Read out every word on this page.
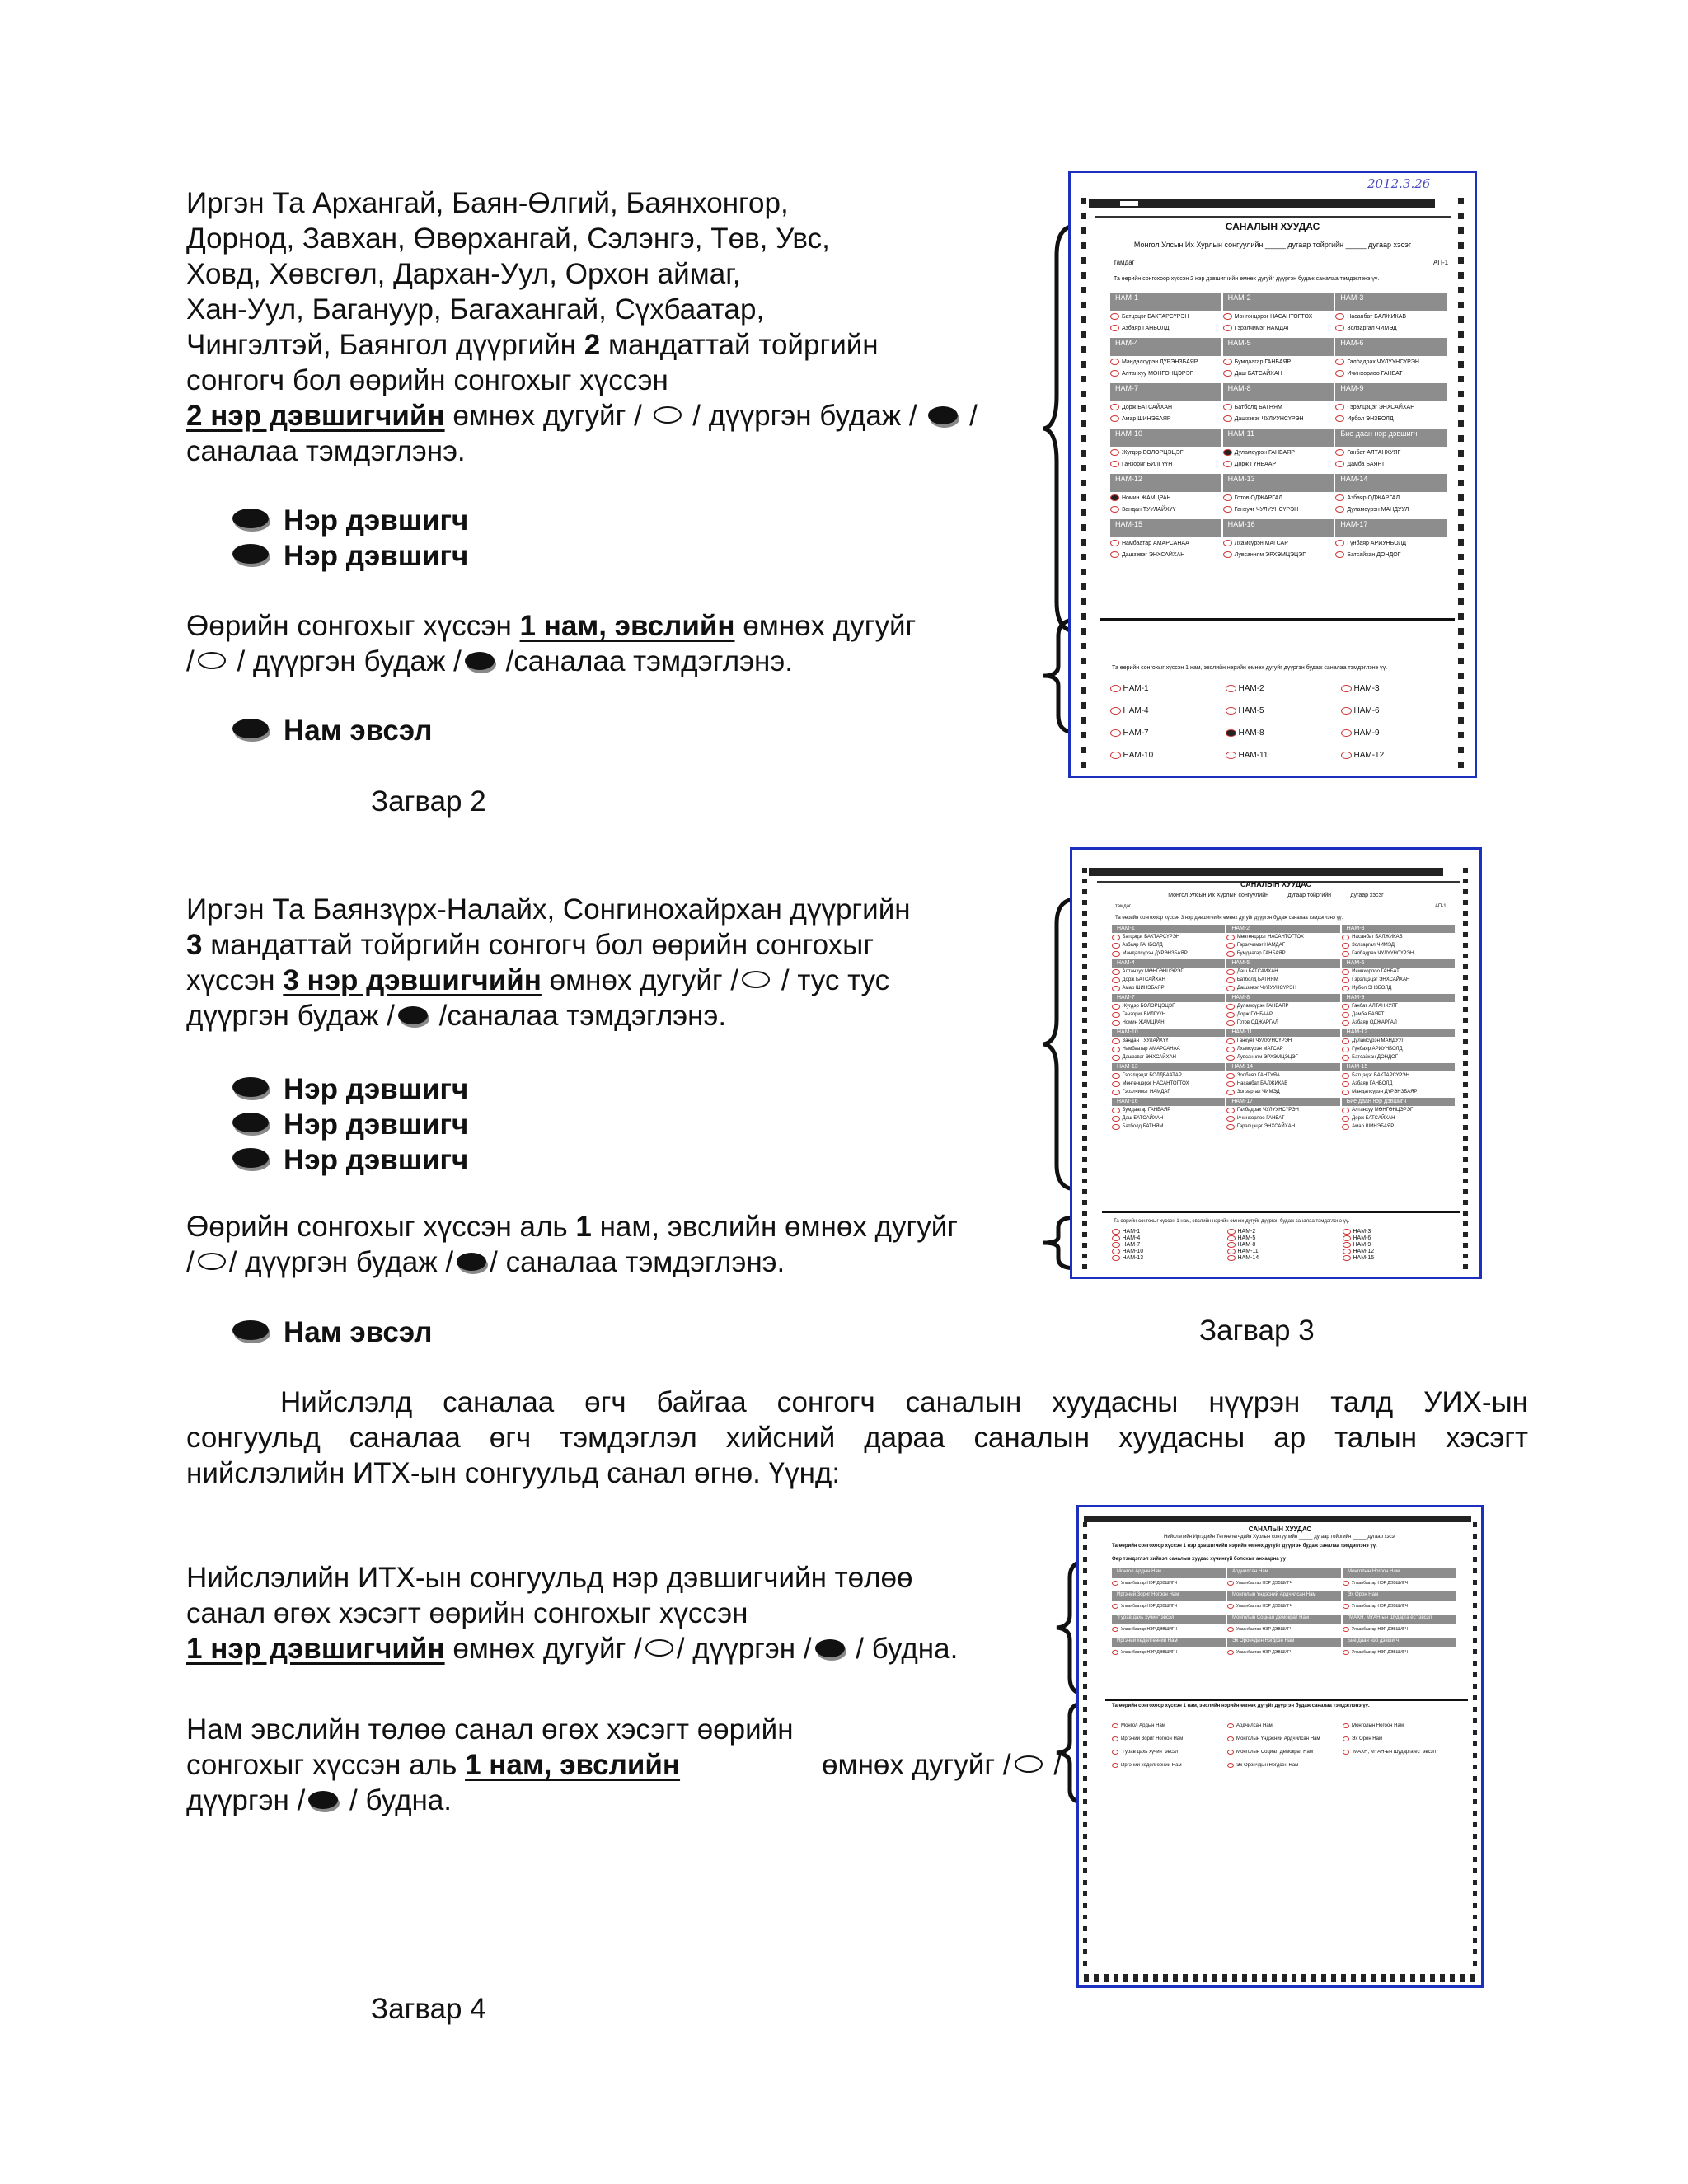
Иргэн Та Архангай, Баян-Өлгий, Баянхонгор,
Дорнод, Завхан, Өвөрхангай, Сэлэнгэ, Төв, Увс,
Ховд, Хөвсгөл, Дархан-Уул, Орхон аймаг,
Хан-Уул, Багануур, Багахангай, Сүхбаатар,
Чингэлтэй, Баянгол дүүргийн 2 мандаттай тойргийн
сонгогч бол өөрийн сонгохыг хүссэн
2 нэр дэвшигчийн өмнөх дугуйг /  / дүүргэн будаж /  /
саналаа тэмдэглэнэ.
Нэр дэвшигч
Нэр дэвшигч
Өөрийн сонгохыг хүссэн 1 нам, эвслийн өмнөх дугуйг
/ / дүүргэн будаж / /саналаа тэмдэглэнэ.
Нам эвсэл
Загвар 2
2012.3.26
САНАЛЫН ХУУДАС
Монгол Улсын Их Хурлын сонгуулийн _____ дугаар тойргийн _____ дугаар хэсэг
тамдаг	АП-1
Та өөрийн сонгохоор хүссэн 2 нэр дэвшигчийн өмнөх дугуйг дүүргэн будаж саналаа тэмдэглэнэ үү.
НАМ-1	НАМ-2	НАМ-3
Батцэцэг БАКТАРСҮРЭН	Мөнгөнцэрэг НАСАНТОГТОХ	Насанбат БАЛЖИКАВ
Азбаяр ГАНБОЛД	Гэрэлчимэг НАМДАГ	Золзаргал ЧИМЭД
НАМ-4	НАМ-5	НАМ-6
Мандалсүрэн ДҮРЭНЗБАЯР	Бумдаагар ГАНБАЯР	Галбадрах ЧУЛУУНСҮРЭН
Алтанхуу МӨНГӨНЦЭРЭГ	Даш БАТСАЙХАН	Ичинхорлоо ГАНБАТ
НАМ-7	НАМ-8	НАМ-9
Дорж БАТСАЙХАН	Батболд БАТНЯМ	Гэрэлцэцэг ЭНХСАЙХАН
Амар ШИНЭБАЯР	Дашзэвэг ЧУЛУУНСҮРЭН	Ирбол ЭНЗБОЛД
НАМ-10	НАМ-11	Бие даан нэр дэвшигч
Жугдэр БОЛОРЦЭЦЭГ	Дуламсүрэн ГАНБАЯР	Ганбат АЛТАНХУЯГ
Ганзориг БИЛГҮҮН	Дорж ГҮНБААР	Дамба БАЯРТ
НАМ-12	НАМ-13	НАМ-14
Номин ЖАМЦРАН	Готов ОДЖАРГАЛ	Азбаяр ОДЖАРГАЛ
Зандан ТУУЛАЙХҮҮ	Ганхуяг ЧУЛУУНСҮРЭН	Дуламсүрэн МАНДУУЛ
НАМ-15	НАМ-16	НАМ-17
Намбаатар АМАРСАНАА	Лхамсүрэн МАГСАР	Гүнбаяр АРИУНБОЛД
Дашзэвэг ЭНХСАЙХАН	Лувсанням ЭРХЭМЦЭЦЭГ	Батсайхан ДОНДОГ
Та өөрийн сонгохыг хүссэн 1 нам, эвслийн нэрийн өмнөх дугуйг дүүргэн будаж саналаа тэмдэглэнэ үү.
НАМ-1	НАМ-2	НАМ-3
НАМ-4	НАМ-5	НАМ-6
НАМ-7	НАМ-8	НАМ-9
НАМ-10	НАМ-11	НАМ-12
Иргэн Та Баянзүрх-Налайх, Сонгинохайрхан дүүргийн
3 мандаттай тойргийн сонгогч бол өөрийн сонгохыг
хүссэн 3 нэр дэвшигчийн өмнөх дугуйг / / тус тус
дүүргэн будаж / /саналаа тэмдэглэнэ.
Нэр дэвшигч
Нэр дэвшигч
Нэр дэвшигч
Өөрийн сонгохыг хүссэн аль 1 нам, эвслийн өмнөх дугуйг
/ / дүүргэн будаж / / саналаа тэмдэглэнэ.
Нам эвсэл	Загвар 3
САНАЛЫН ХУУДАС
Монгол Улсын Их Хурлын сонгуулийн _____ дугаар тойргийн _____ дугаар хэсэг
тамдаг	АП-1
Та өөрийн сонгохоор хүссэн 3 нэр дэвшигчийн өмнөх дугуйг дүүргэн будаж саналаа тэмдэглэнэ үү.
НАМ-1	НАМ-2	НАМ-3
Батцэцэг БАКТАРСҮРЭН	Мөнгөнцэрэг НАСАНТОГТОХ	Насанбат БАЛЖИКАВ
Азбаяр ГАНБОЛД	Гэрэлчимэг НАМДАГ	Золзаргал ЧИМЭД
Мандалсүрэн ДҮРЭНЗБАЯР	Бумдаагар ГАНБАЯР	Галбадрах ЧУЛУУНСҮРЭН
НАМ-4	НАМ-5	НАМ-6
Алтанхуу МӨНГӨНЦЭРЭГ	Даш БАТСАЙХАН	Ичинхорлоо ГАНБАТ
Дорж БАТСАЙХАН	Батболд БАТНЯМ	Гэрэлцэцэг ЭНХСАЙХАН
Амар ШИНЭБАЯР	Дашзэвэг ЧУЛУУНСҮРЭН	Ирбол ЭНЗБОЛД
НАМ-7	НАМ-8	НАМ-9
Жугдэр БОЛОРЦЭЦЭГ	Дуламсүрэн ГАНБАЯР	Ганбат АЛТАНХУЯГ
Ганзориг БИЛГҮҮН	Дорж ГҮНБААР	Дамба БАЯРТ
Номин ЖАМЦРАН	Готов ОДЖАРГАЛ	Азбаяр ОДЖАРГАЛ
НАМ-10	НАМ-11	НАМ-12
Зандан ТУУЛАЙХҮҮ	Ганхуяг ЧУЛУУНСҮРЭН	Дуламсүрэн МАНДУУЛ
Намбаатар АМАРСАНАА	Лхамсүрэн МАГСАР	Гүнбаяр АРИУНБОЛД
Дашзэвэг ЭНХСАЙХАН	Лувсанням ЭРХЭМЦЭЦЭГ	Батсайхан ДОНДОГ
НАМ-13	НАМ-14	НАМ-15
Гэрэлцэцэг БОЛДБААТАР	Золбаяр ГАНТУЯА	Батцэцэг БАКТАРСҮРЭН
Мөнгөнцэрэг НАСАНТОГТОХ	Насанбат БАЛЖИКАВ	Азбаяр ГАНБОЛД
Гэрэлчимэг НАМДАГ	Золзаргал ЧИМЭД	Мандалсүрэн ДҮРЭНЗБАЯР
НАМ-16	НАМ-17	Бие даан нэр дэвшигч
Бумдаагар ГАНБАЯР	Галбадрах ЧУЛУУНСҮРЭН	Алтанхуу МӨНГӨНЦЭРЭГ
Даш БАТСАЙХАН	Ичинхорлоо ГАНБАТ	Дорж БАТСАЙХАН
Батболд БАТНЯМ	Гэрэлцэцэг ЭНХСАЙХАН	Амар ШИНЭБАЯР
Та өөрийн сонгохыг хүссэн 1 нам, эвслийн нэрийн өмнөх дугуйг дүүргэн будаж саналаа тэмдэглэнэ үү.
НАМ-1	НАМ-2	НАМ-3
НАМ-4	НАМ-5	НАМ-6
НАМ-7	НАМ-8	НАМ-9
НАМ-10	НАМ-11	НАМ-12
НАМ-13	НАМ-14	НАМ-15
Нийслэлд саналаа өгч байгаа сонгогч саналын хуудасны нүүрэн талд УИХ-ын
сонгуульд саналаа өгч тэмдэглэл хийсний дараа саналын хуудасны ар талын хэсэгт
нийслэлийн ИТХ-ын сонгуульд санал өгнө. Үүнд:
Нийслэлийн ИТХ-ын сонгуульд нэр дэвшигчийн төлөө
санал өгөх хэсэгт өөрийн сонгохыг хүссэн
1 нэр дэвшигчийн өмнөх дугуйг / / дүүргэн / / будна.
Нам эвслийн төлөө санал өгөх хэсэгт өөрийн
сонгохыг хүссэн аль 1 нам, эвслийн	өмнөх дугуйг / /
дүүргэн / / будна.
Загвар 4
САНАЛЫН ХУУДАС
Нийслэлийн Иргэдийн Төлөөлөгчдийн Хурлын сонгуулийн _____ дугаар тойргийн _____ дугаар хэсэг
Та өөрийн сонгохоор хүссэн 1 нэр дэвшигчийн нэрийн өмнөх дугуйг дүүргэн будаж саналаа тэмдэглэнэ үү.
Өөр тэмдэглэл хийвэл саналын хуудас хүчингүй болохыг анхаарна уу
Монгол Ардын Нам	Ардчилсан Нам	Монголын Ногоон Нам
Улаанбаатар НЭР ДЭВШИГЧ	Улаанбаатар НЭР ДЭВШИГЧ	Улаанбаатар НЭР ДЭВШИГЧ
Иргэний Зориг Ногоон Нам	Монголын Үндэсний Ардчилсан Нам	Эх Орон Нам
Улаанбаатар НЭР ДЭВШИГЧ	Улаанбаатар НЭР ДЭВШИГЧ	Улаанбаатар НЭР ДЭВШИГЧ
"Гурав дахь хүчин" эвсэл	Монголын Социал Демократ Нам	"МАХН, МҮАН-ын Шударга ёс" эвсэл
Улаанбаатар НЭР ДЭВШИГЧ	Улаанбаатар НЭР ДЭВШИГЧ	Улаанбаатар НЭР ДЭВШИГЧ
Иргэний хөдөлгөөний Нам	Эх Орончдын Нэгдсэн Нам	Бие даан нэр дэвшигч
Улаанбаатар НЭР ДЭВШИГЧ	Улаанбаатар НЭР ДЭВШИГЧ	Улаанбаатар НЭР ДЭВШИГЧ
Та өөрийн сонгохоор хүссэн 1 нам, эвслийн нэрийн өмнөх дугуйг дүүргэн будаж саналаа тэмдэглэнэ үү.
Монгол Ардын Нам	Ардчилсан Нам	Монголын Ногоон Нам
Иргэний Зориг Ногоон Нам	Монголын Үндэсний Ардчилсан Нам	Эх Орон Нам
"Гурав дахь хүчин" эвсэл	Монголын Социал Демократ Нам	"МАХН, МҮАН-ын Шударга ёс" эвсэл
Иргэний хөдөлгөөний Нам	Эх Орончдын Нэгдсэн Нам
